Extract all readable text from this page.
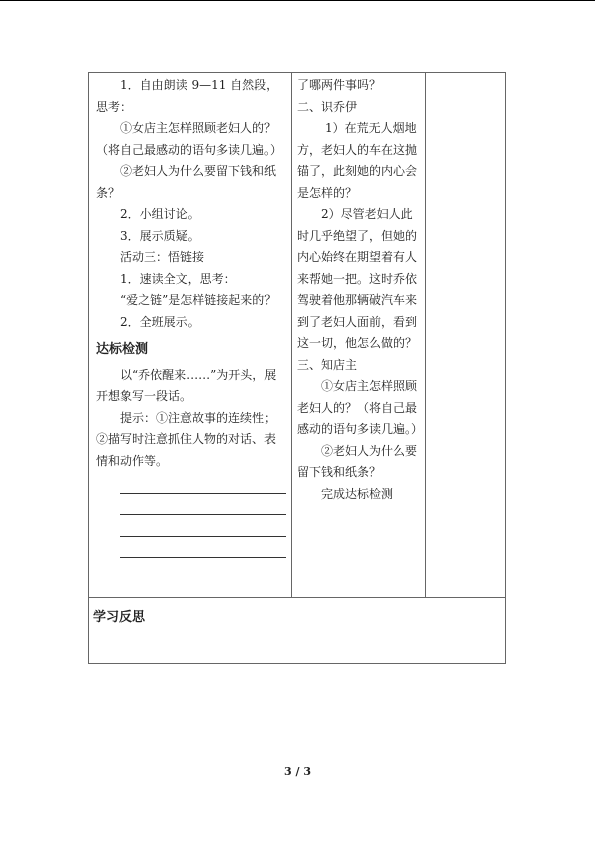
1．自由朗读 9—11 自然段，思考：

①女店主怎样照顾老妇人的？（将自己最感动的语句多读几遍。）

②老妇人为什么要留下钱和纸条？

2．小组讨论。

3．展示质疑。

活动三：悟链接

1．速读全文，思考：

“爱之链”是怎样链接起来的？

2．全班展示。

达标检测

以“乔依醒来……”为开头，展开想象写一段话。

提示：①注意故事的连续性；②描写时注意抓住人物的对话、表情和动作等。

了哪两件事吗？

二、识乔伊

1）在荒无人烟地方，老妇人的车在这抛锚了，此刻她的内心会是怎样的？

2）尽管老妇人此时几乎绝望了，但她的内心始终在期望着有人来帮她一把。这时乔依驾驶着他那辆破汽车来到了老妇人面前，看到这一切，他怎么做的？

三、知店主

①女店主怎样照顾老妇人的？（将自己最感动的语句多读几遍。）

②老妇人为什么要留下钱和纸条？

完成达标检测

学习反思
3 / 3
